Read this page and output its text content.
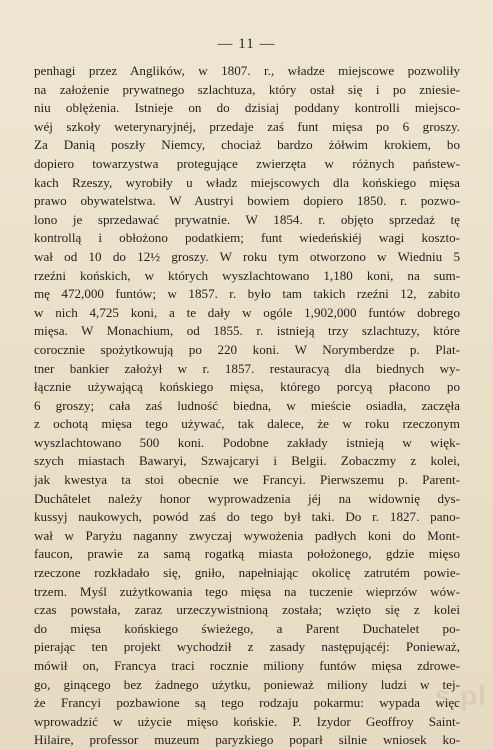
— 11 —
penhagi przez Anglików, w 1807. r., władze miejscowe pozwoliły
na założenie prywatnego szlachtuza, który ostał się i po zniesie-
niu oblężenia. Istnieje on do dzisiaj poddany kontrolli miejsco-
wéj szkoły weterynaryjnéj, przedaje zaś funt mięsa po 6 groszy.
Za Danią poszły Niemcy, chociaż bardzo żółwim krokiem, bo
dopiero towarzystwa protegujące zwierzęta w różnych państew-
kach Rzeszy, wyrobiły u władz miejscowych dla końskiego mięsa
prawo obywatelstwa. W Austryi bowiem dopiero 1850. r. pozwo-
lono je sprzedawać prywatnie. W 1854. r. objęto sprzedaż tę
kontrollą i obłożono podatkiem; funt wiedeńskiéj wagi koszto-
wał od 10 do 12½ groszy. W roku tym otworzono w Wiedniu 5
rzeźni końskich, w których wyszlachtowano 1,180 koni, na sum-
mę 472,000 funtów; w 1857. r. było tam takich rzeźni 12, zabito
w nich 4,725 koni, a te dały w ogóle 1,902,000 funtów dobrego
mięsa. W Monachium, od 1855. r. istnieją trzy szlachtuzy, które
corocznie spożytkowują po 220 koni. W Norymberdze p. Plat-
tner bankier założył w r. 1857. restauracyą dla biednych wy-
łącznie używającą końskiego mięsa, którego porcyą płacono po
6 groszy; cała zaś ludność biedna, w mieście osiadła, zaczęła
z ochotą mięsa tego używać, tak dalece, że w roku rzeczonym
wyszlachtowano 500 koni. Podobne zakłady istnieją w więk-
szych miastach Bawaryi, Szwajcaryi i Belgii. Zobaczmy z kolei,
jak kwestya ta stoi obecnie we Francyi. Pierwszemu p. Parent-
Duchâtelet należy honor wyprowadzenia jéj na widownię dys-
kussyj naukowych, powód zaś do tego był taki. Do r. 1827. pano-
wał w Paryżu naganny zwyczaj wywożenia padłych koni do Mont-
faucon, prawie za samą rogatką miasta położonego, gdzie mięso
rzeczone rozkładało się, gniło, napełniając okolicę zatrutém powie-
trzem. Myśl zużytkowania tego mięsa na tuczenie wieprzów wów-
czas powstała, zaraz urzeczywistnioną została; wzięto się z kolei
do mięsa końskiego świeżego, a Parent Duchatelet po-
pierając ten projekt wychodził z zasady następującéj: Ponieważ,
mówił on, Francya traci rocznie miliony funtów mięsa zdrowe-
go, ginącego bez żadnego użytku, ponieważ miliony ludzi w tej-
że Francyi pozbawione są tego rodzaju pokarmu: wypada więc
wprowadzić w użycie mięso końskie. P. Izydor Geoffroy Saint-
Hilaire, professor muzeum paryzkiego poparł silnie wniosek ko-
s.pl
